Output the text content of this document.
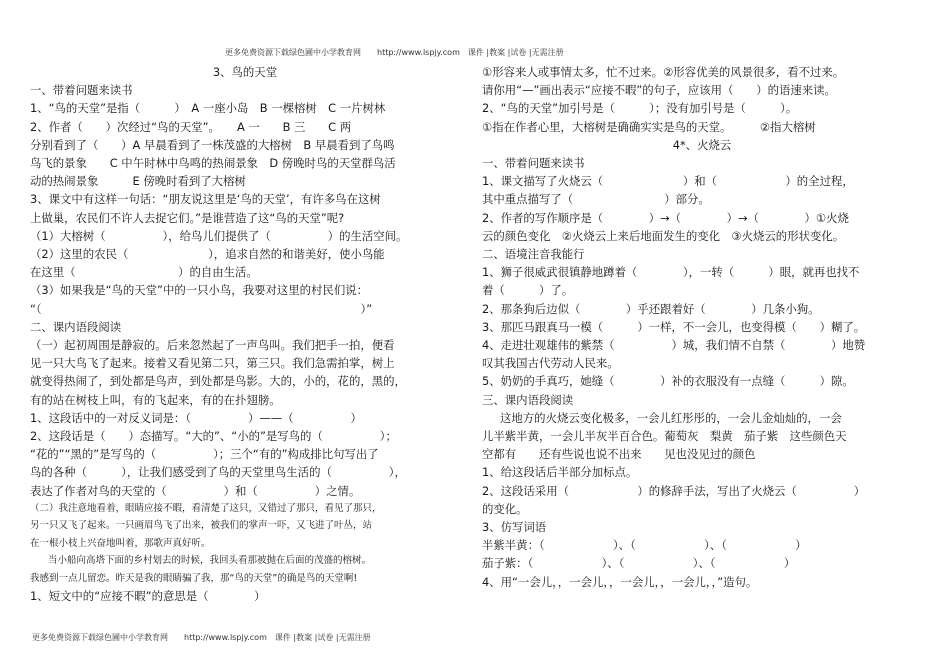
更多免费资源下载绿色圃中小学教育网　　http://www.lspjy.com　课件 |教案 |试卷 |无需注册
3、鸟的天堂
一、带着问题来读书
1、“鸟的天堂”是指（　　　）　A 一座小岛　B 一棵榕树　C 一片树林
2、作者（　　）次经过“鸟的天堂”。　　A 一　　B 三　　C 两
分别看到了（　　）A 早晨看到了一株茂盛的大榕树　B 早晨看到了鸟鸣
鸟飞的景象　　C 中午时林中鸟鸣的热闹景象　D 傍晚时鸟的天堂群鸟活
动的热闹景象　　　E 傍晚时看到了大榕树
3、课文中有这样一句话：“朋友说这里是‘鸟的天堂’，有许多鸟在这树
上做巢，农民们不许人去捉它们。”是谁营造了这“鸟的天堂”呢?
（1）大榕树（　　　　　），给鸟儿们提供了（　　　　　）的生活空间。
（2）这里的农民（　　　　　　　），追求自然的和谐美好，使小鸟能
在这里（　　　　　　　　　）的自由生活。
（3）如果我是“鸟的天堂”中的一只小鸟，我要对这里的村民们说：
“（　　　　　　　　　　　　　　　　　　　　　　　　　　　　）”
二、课内语段阅读
（一）起初周围是静寂的。后来忽然起了一声鸟叫。我们把手一拍，便看
见一只大鸟飞了起来。接着又看见第二只，第三只。我们急需拍掌，树上
就变得热闹了，到处都是鸟声，到处都是鸟影。大的，小的，花的，黑的，
有的站在树枝上叫，有的飞起来，有的在扑翅膀。
1、这段话中的一对反义词是：（　　　　　）——（　　　　　）
2、这段话是（　　）态描写。“大的”、“小的”是写鸟的（　　　　　）；
“花的”“黑的”是写鸟的（　　　　　）；三个“有的”构成排比句写出了
鸟的各种（　　　），让我们感受到了鸟的天堂里鸟生活的（　　　　　），
表达了作者对鸟的天堂的（　　　　　）和（　　　　　）之情。
（二）我注意地看着，眼睛应接不暇，看清楚了这只，又错过了那只，看见了那只，
另一只又飞了起来。一只画眉鸟飞了出来，被我们的掌声一吓，又飞进了叶丛，站
在一根小枝上兴奋地叫着，那歌声真好听。
当小船向高塔下面的乡村划去的时候，我回头看那被抛在后面的茂盛的榕树。
我感到一点儿留恋。昨天是我的眼睛骗了我，那“鸟的天堂”的确是鸟的天堂啊!
1、短文中的“应接不暇”的意思是（　　　　）
①形容来人或事情太多，忙不过来。②形容优美的风景很多，看不过来。
请你用“—”画出表示“应接不暇”的句子，应该用（　　）的语速来读。
2、“鸟的天堂”加引号是（　　　）；没有加引号是（　　　）。
①指在作者心里，大榕树是确确实实是鸟的天堂。　　　②指大榕树
4*、火烧云
一、带着问题来读书
1、课文描写了火烧云（　　　　　　　）和（　　　　　　）的全过程，
其中重点描写了（　　　　　　　　）部分。
2、作者的写作顺序是（　　　　）→（　　　　）→（　　　　）①火烧
云的颜色变化　②火烧云上来后地面发生的变化　③火烧云的形状变化。
二、语境注音我能行
1、狮子很威武很镇静地蹲着（　　　　），一转（　　　）眼，就再也找不
着（　　　）了。
2、那条狗后边似（　　　　）乎还跟着好（　　　　）几条小狗。
3、那匹马跟真马一模（　　　）一样，不一会儿，也变得模（　　）糊了。
4、走进壮观雄伟的紫禁（　　　　　）城，我们情不自禁（　　　　）地赞
叹其我国古代劳动人民来。
5、奶奶的手真巧，她缝（　　　　）补的衣服没有一点缝（　　　）隙。
三、课内语段阅读
这地方的火烧云变化极多，一会儿红彤彤的，一会儿金灿灿的，一会
儿半紫半黄，一会儿半灰半百合色。葡萄灰　梨黄　茄子紫　这些颜色天
空都有　　还有些说也说不出来　　见也没见过的颜色
1、给这段话后半部分加标点。
2、这段话采用（　　　　　　）的修辞手法，写出了火烧云（　　　　　）
的变化。
3、仿写词语
半紫半黄：（　　　　　　）、（　　　　　　）、（　　　　　　）
茄子紫：（　　　　　　）、（　　　　　　）、（　　　　　　）
4、用“一会儿，，一会儿，，一会儿，，一会儿，，”造句。
更多免费资源下载绿色圃中小学教育网　　http://www.lspjy.com　课件 |教案 |试卷 |无需注册
